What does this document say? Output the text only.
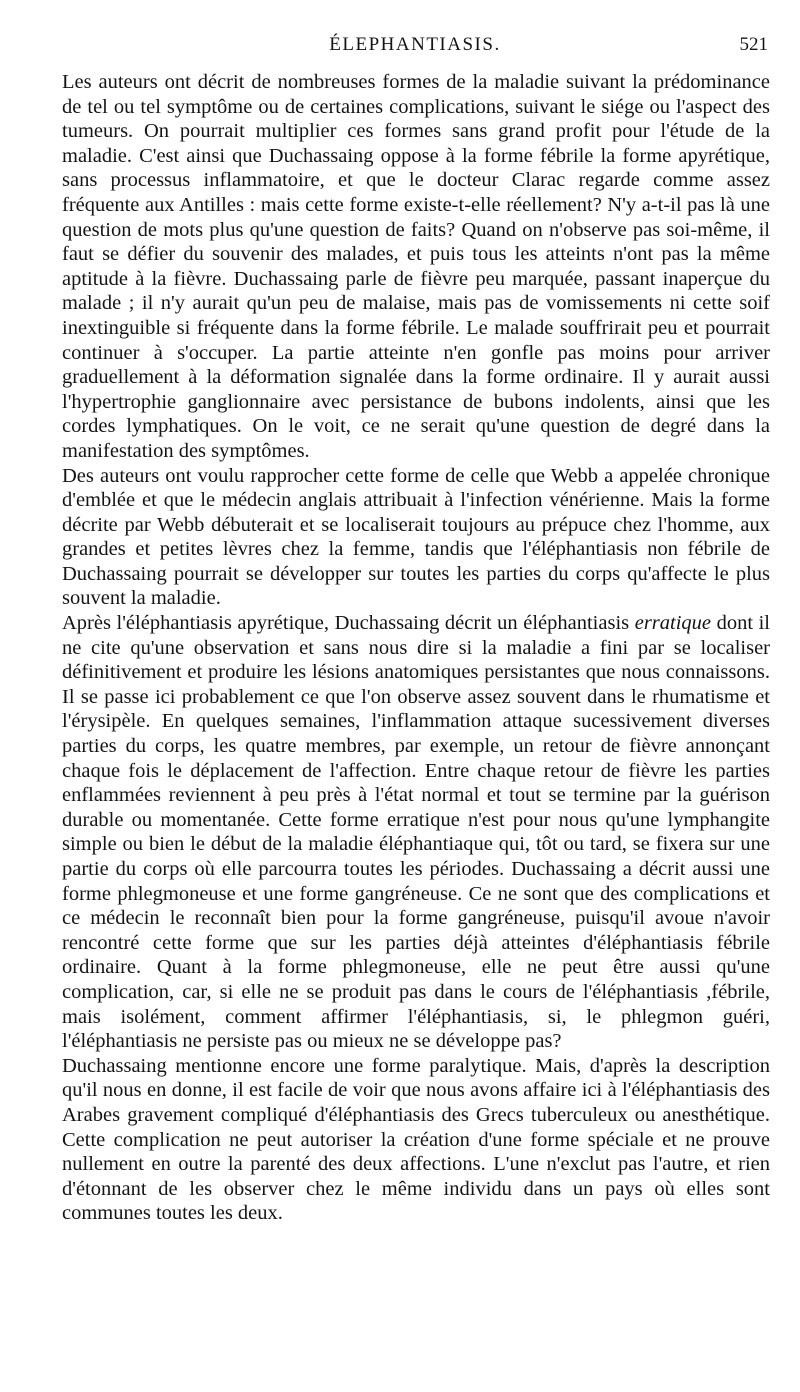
ÉLEPHANTIASIS.	521

Les auteurs ont décrit de nombreuses formes de la maladie suivant la prédominance de tel ou tel symptôme ou de certaines complications, suivant le siége ou l'aspect des tumeurs. On pourrait multiplier ces formes sans grand profit pour l'étude de la maladie. C'est ainsi que Duchassaing oppose à la forme fébrile la forme apyrétique, sans processus inflammatoire, et que le docteur Clarac regarde comme assez fréquente aux Antilles : mais cette forme existe-t-elle réellement? N'y a-t-il pas là une question de mots plus qu'une question de faits? Quand on n'observe pas soi-même, il faut se défier du souvenir des malades, et puis tous les atteints n'ont pas la même aptitude à la fièvre. Duchassaing parle de fièvre peu marquée, passant inaperçue du malade ; il n'y aurait qu'un peu de malaise, mais pas de vomissements ni cette soif inextinguible si fréquente dans la forme fébrile. Le malade souffrirait peu et pourrait continuer à s'occuper. La partie atteinte n'en gonfle pas moins pour arriver graduellement à la déformation signalée dans la forme ordinaire. Il y aurait aussi l'hypertrophie ganglionnaire avec persistance de bubons indolents, ainsi que les cordes lymphatiques. On le voit, ce ne serait qu'une question de degré dans la manifestation des symptômes.

Des auteurs ont voulu rapprocher cette forme de celle que Webb a appelée chronique d'emblée et que le médecin anglais attribuait à l'infection vénérienne. Mais la forme décrite par Webb débuterait et se localiserait toujours au prépuce chez l'homme, aux grandes et petites lèvres chez la femme, tandis que l'éléphantiasis non fébrile de Duchassaing pourrait se développer sur toutes les parties du corps qu'affecte le plus souvent la maladie.

Après l'éléphantiasis apyrétique, Duchassaing décrit un éléphantiasis erratique dont il ne cite qu'une observation et sans nous dire si la maladie a fini par se localiser définitivement et produire les lésions anatomiques persistantes que nous connaissons. Il se passe ici probablement ce que l'on observe assez souvent dans le rhumatisme et l'érysipèle. En quelques semaines, l'inflammation attaque sucessivement diverses parties du corps, les quatre membres, par exemple, un retour de fièvre annonçant chaque fois le déplacement de l'affection. Entre chaque retour de fièvre les parties enflammées reviennent à peu près à l'état normal et tout se termine par la guérison durable ou momentanée. Cette forme erratique n'est pour nous qu'une lymphangite simple ou bien le début de la maladie éléphantiaque qui, tôt ou tard, se fixera sur une partie du corps où elle parcourra toutes les périodes. Duchassaing a décrit aussi une forme phlegmoneuse et une forme gangréneuse. Ce ne sont que des complications et ce médecin le reconnaît bien pour la forme gangréneuse, puisqu'il avoue n'avoir rencontré cette forme que sur les parties déjà atteintes d'éléphantiasis fébrile ordinaire. Quant à la forme phlegmoneuse, elle ne peut être aussi qu'une complication, car, si elle ne se produit pas dans le cours de l'éléphantiasis ,fébrile, mais isolément, comment affirmer l'éléphantiasis, si, le phlegmon guéri, l'éléphantiasis ne persiste pas ou mieux ne se développe pas?

Duchassaing mentionne encore une forme paralytique. Mais, d'après la description qu'il nous en donne, il est facile de voir que nous avons affaire ici à l'éléphantiasis des Arabes gravement compliqué d'éléphantiasis des Grecs tuberculeux ou anesthétique. Cette complication ne peut autoriser la création d'une forme spéciale et ne prouve nullement en outre la parenté des deux affections. L'une n'exclut pas l'autre, et rien d'étonnant de les observer chez le même individu dans un pays où elles sont communes toutes les deux.
